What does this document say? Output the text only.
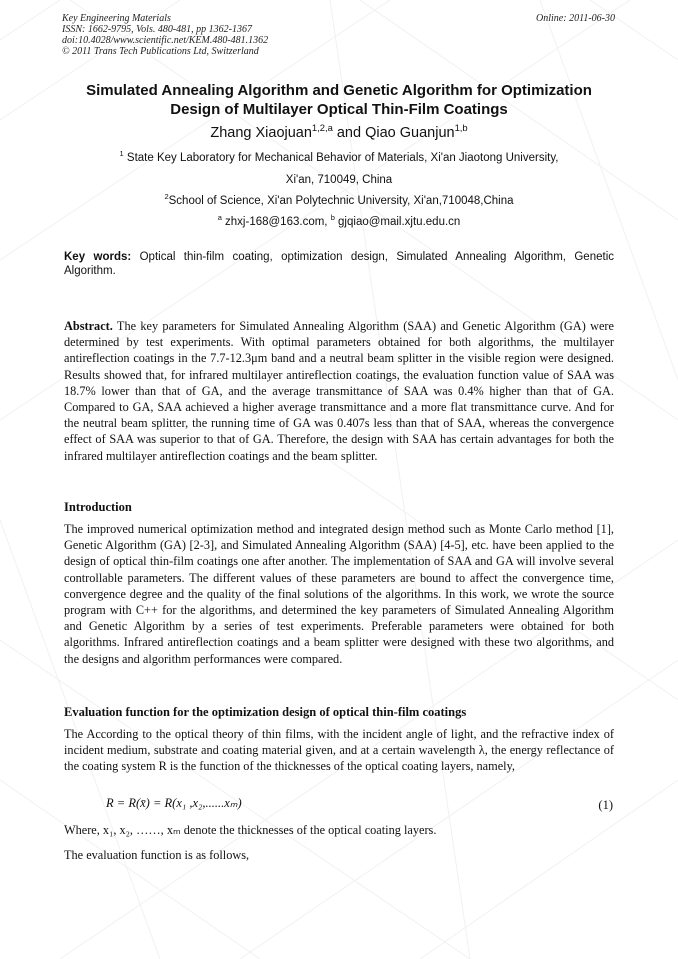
Key Engineering Materials
ISSN: 1662-9795, Vols. 480-481, pp 1362-1367
doi:10.4028/www.scientific.net/KEM.480-481.1362
© 2011 Trans Tech Publications Ltd, Switzerland
Online: 2011-06-30
Simulated Annealing Algorithm and Genetic Algorithm for Optimization Design of Multilayer Optical Thin-Film Coatings
Zhang Xiaojuan$^{1,2,a}$ and Qiao Guanjun$^{1,b}$
$^1$ State Key Laboratory for Mechanical Behavior of Materials, Xi'an Jiaotong University,
Xi'an, 710049, China
$^2$School of Science, Xi'an Polytechnic University, Xi'an,710048,China
$^a$ zhxj-168@163.com, $^b$ gjqiao@mail.xjtu.edu.cn
Key words: Optical thin-film coating, optimization design, Simulated Annealing Algorithm, Genetic Algorithm.
Abstract. The key parameters for Simulated Annealing Algorithm (SAA) and Genetic Algorithm (GA) were determined by test experiments. With optimal parameters obtained for both algorithms, the multilayer antireflection coatings in the 7.7-12.3μm band and a neutral beam splitter in the visible region were designed. Results showed that, for infrared multilayer antireflection coatings, the evaluation function value of SAA was 18.7% lower than that of GA, and the average transmittance of SAA was 0.4% higher than that of GA. Compared to GA, SAA achieved a higher average transmittance and a more flat transmittance curve. And for the neutral beam splitter, the running time of GA was 0.407s less than that of SAA, whereas the convergence effect of SAA was superior to that of GA. Therefore, the design with SAA has certain advantages for both the infrared multilayer antireflection coatings and the beam splitter.
Introduction
The improved numerical optimization method and integrated design method such as Monte Carlo method [1], Genetic Algorithm (GA) [2-3], and Simulated Annealing Algorithm (SAA) [4-5], etc. have been applied to the design of optical thin-film coatings one after another. The implementation of SAA and GA will involve several controllable parameters. The different values of these parameters are bound to affect the convergence time, convergence degree and the quality of the final solutions of the algorithms. In this work, we wrote the source program with C++ for the algorithms, and determined the key parameters of Simulated Annealing Algorithm and Genetic Algorithm by a series of test experiments. Preferable parameters were obtained for both algorithms. Infrared antireflection coatings and a beam splitter were designed with these two algorithms, and the designs and algorithm performances were compared.
Evaluation function for the optimization design of optical thin-film coatings
The According to the optical theory of thin films, with the incident angle of light, and the refractive index of incident medium, substrate and coating material given, and at a certain wavelength λ, the energy reflectance of the coating system R is the function of the thicknesses of the optical coating layers, namely,
R = R(x̄) = R(x₁ ,x₂,......xₘ)	(1)
Where, x₁, x₂, ……, xₘ denote the thicknesses of the optical coating layers.
The evaluation function is as follows,
